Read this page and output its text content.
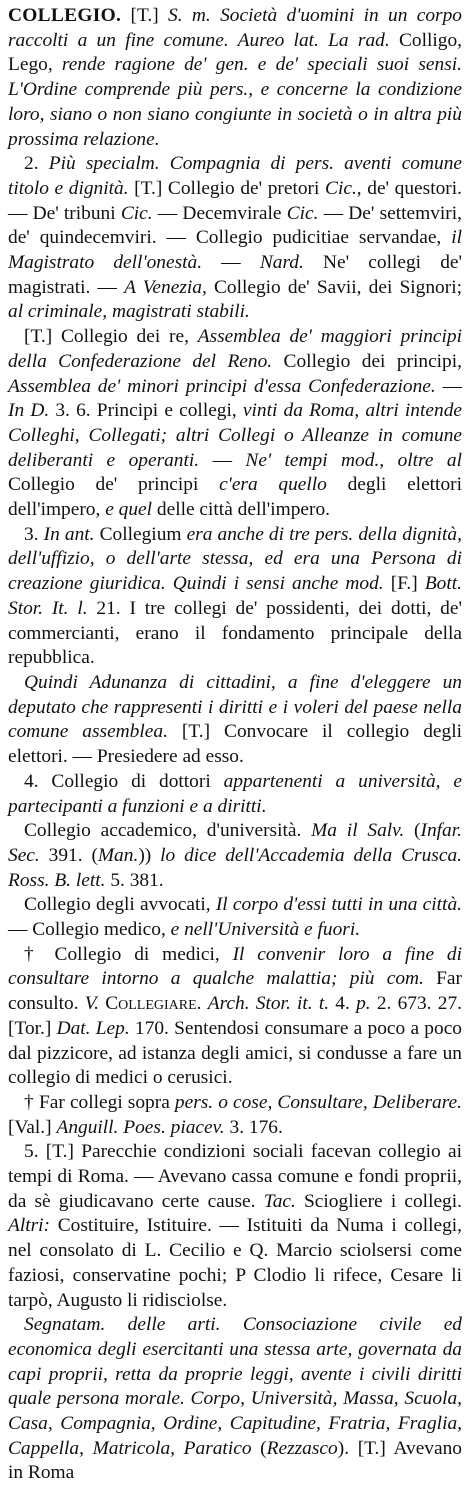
COLLEGIO. [T.] S. m. Società d'uomini in un corpo raccolti a un fine comune. Aureo lat. La rad. Colligo, Lego, rende ragione de' gen. e de' speciali suoi sensi. L'Ordine comprende più pers., e concerne la condizione loro, siano o non siano congiunte in società o in altra più prossima relazione.

2. Più specialm. Compagnia di pers. aventi comune titolo e dignità. [T.] Collegio de' pretori Cic., de' questori. — De' tribuni Cic. — Decemvirale Cic. — De' settemviri, de' quindecemviri. — Collegio pudicitiae servandae, il Magistrato dell'onestà. — Nard. Ne' collegi de' magistrati. — A Venezia, Collegio de' Savii, dei Signori; al criminale, magistrati stabili.

[T.] Collegio dei re, Assemblea de' maggiori principi della Confederazione del Reno. Collegio dei principi, Assemblea de' minori principi d'essa Confederazione. — In D. 3. 6. Principi e collegi, vinti da Roma, altri intende Colleghi, Collegati; altri Collegi o Alleanze in comune deliberanti e operanti. — Ne' tempi mod., oltre al Collegio de' principi c'era quello degli elettori dell'impero, e quel delle città dell'impero.

3. In ant. Collegium era anche di tre pers. della dignità, dell'uffizio, o dell'arte stessa, ed era una Persona di creazione giuridica. Quindi i sensi anche mod. [F.] Bott. Stor. It. l. 21. I tre collegi de' possidenti, dei dotti, de' commercianti, erano il fondamento principale della repubblica.

Quindi Adunanza di cittadini, a fine d'eleggere un deputato che rappresenti i diritti e i voleri del paese nella comune assemblea. [T.] Convocare il collegio degli elettori. — Presiedere ad esso.

4. Collegio di dottori appartenenti a università, e partecipanti a funzioni e a diritti.

Collegio accademico, d'università. Ma il Salv. (Infar. Sec. 391. (Man.)) lo dice dell'Accademia della Crusca. Ross. B. lett. 5. 381.

Collegio degli avvocati, Il corpo d'essi tutti in una città. — Collegio medico, e nell'Università e fuori.

† Collegio di medici, Il convenir loro a fine di consultare intorno a qualche malattia; più com. Far consulto. V. Collegiare. Arch. Stor. it. t. 4. p. 2. 673. 27. [Tor.] Dat. Lep. 170. Sentendosi consumare a poco a poco dal pizzicore, ad istanza degli amici, si condusse a fare un collegio di medici o cerusici.

† Far collegi sopra pers. o cose, Consultare, Deliberare. [Val.] Anguill. Poes. piacev. 3. 176.

5. [T.] Parecchie condizioni sociali facevan collegio ai tempi di Roma. — Avevano cassa comune e fondi proprii, da sè giudicavano certe cause. Tac. Sciogliere i collegi. Altri: Costituire, Istituire. — Istituiti da Numa i collegi, nel consolato di L. Cecilio e Q. Marcio sciolsersi come faziosi, conservatine pochi; P Clodio li rifece, Cesare li tarpò, Augusto li ridisciolse.

Segnatam. delle arti. Consociazione civile ed economica degli esercitanti una stessa arte, governata da capi proprii, retta da proprie leggi, avente i civili diritti quale persona morale. Corpo, Università, Massa, Scuola, Casa, Compagnia, Ordine, Capitudine, Fratria, Fraglia, Cappella, Matricola, Paratico (Rezzasco). [T.] Avevano in Roma
